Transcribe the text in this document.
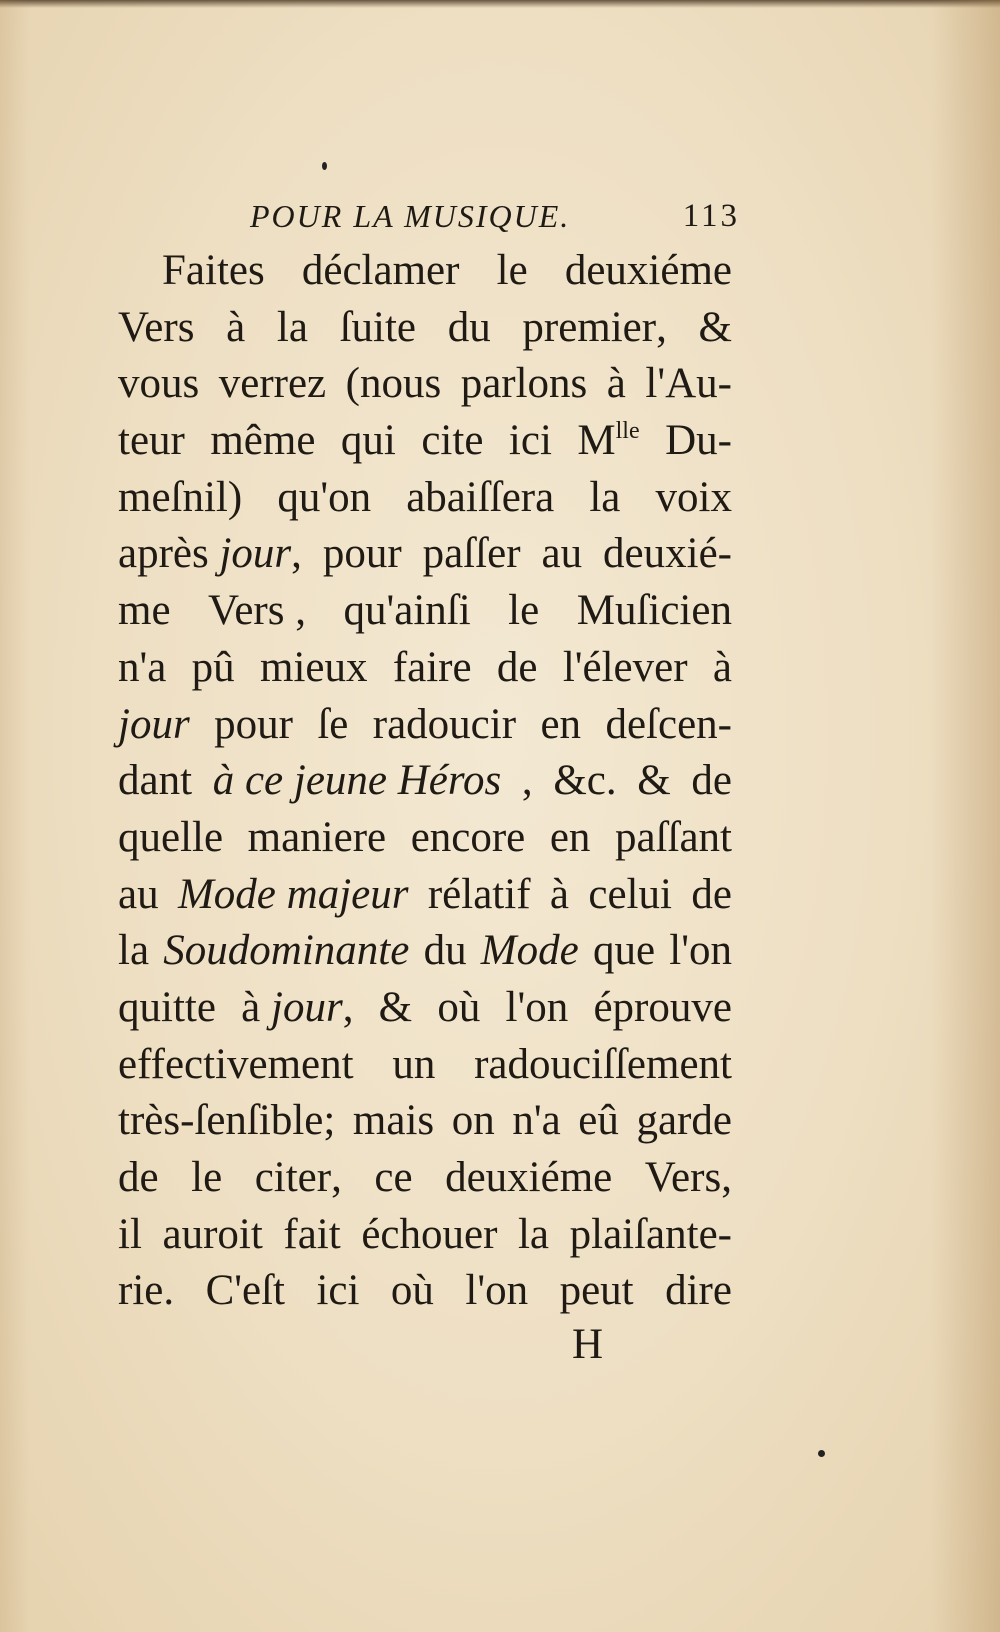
POUR LA MUSIQUE.	113
Faites déclamer le deuxiéme
Vers à la ſuite du premier, &
vous verrez (nous parlons à l'Au-
teur même qui cite ici Mlle Du-
meſnil) qu'on abaiſſera la voix
après jour, pour paſſer au deuxié-
me Vers , qu'ainſi le Muſicien
n'a pû mieux faire de l'élever à
jour pour ſe radoucir en deſcen-
dant à ce jeune Héros , &c. & de
quelle maniere encore en paſſant
au Mode majeur rélatif à celui de
la Soudominante du Mode que l'on
quitte à jour, & où l'on éprouve
effectivement un radouciſſement
très-ſenſible; mais on n'a eû garde
de le citer, ce deuxiéme Vers,
il auroit fait échouer la plaiſante-
rie. C'eſt ici où l'on peut dire
H
